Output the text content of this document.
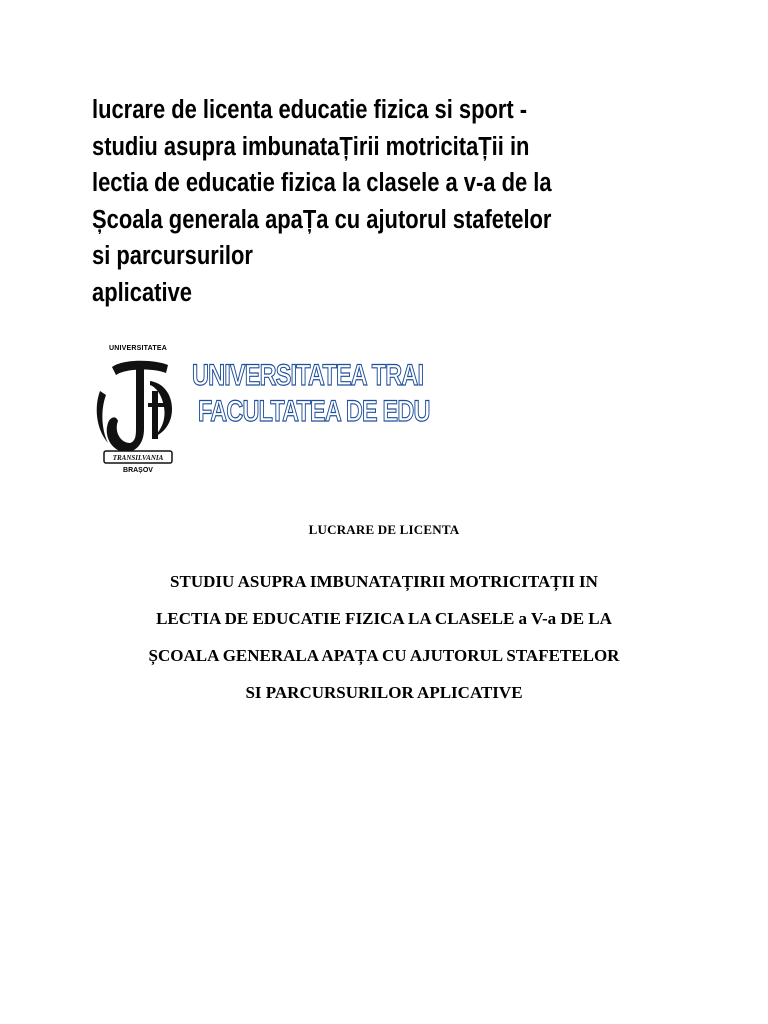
lucrare de licenta educatie fizica si sport -
studiu asupra imbunataȚirii motricitaȚii in
lectia de educatie fizica la clasele a v-a de la
Școala generala apaȚa cu ajutorul stafetelor
si parcursurilor
aplicative
UNIVERSITATEA
TRANSILVANIA
BRAȘOV
UNIVERSITATEA TRAI
FACULTATEA DE EDU
LUCRARE DE LICENTA
STUDIU ASUPRA IMBUNATAȚIRII MOTRICITAȚII IN
LECTIA DE EDUCATIE FIZICA LA CLASELE a V-a DE LA
ȘCOALA GENERALA APAȚA CU AJUTORUL STAFETELOR
SI PARCURSURILOR APLICATIVE
